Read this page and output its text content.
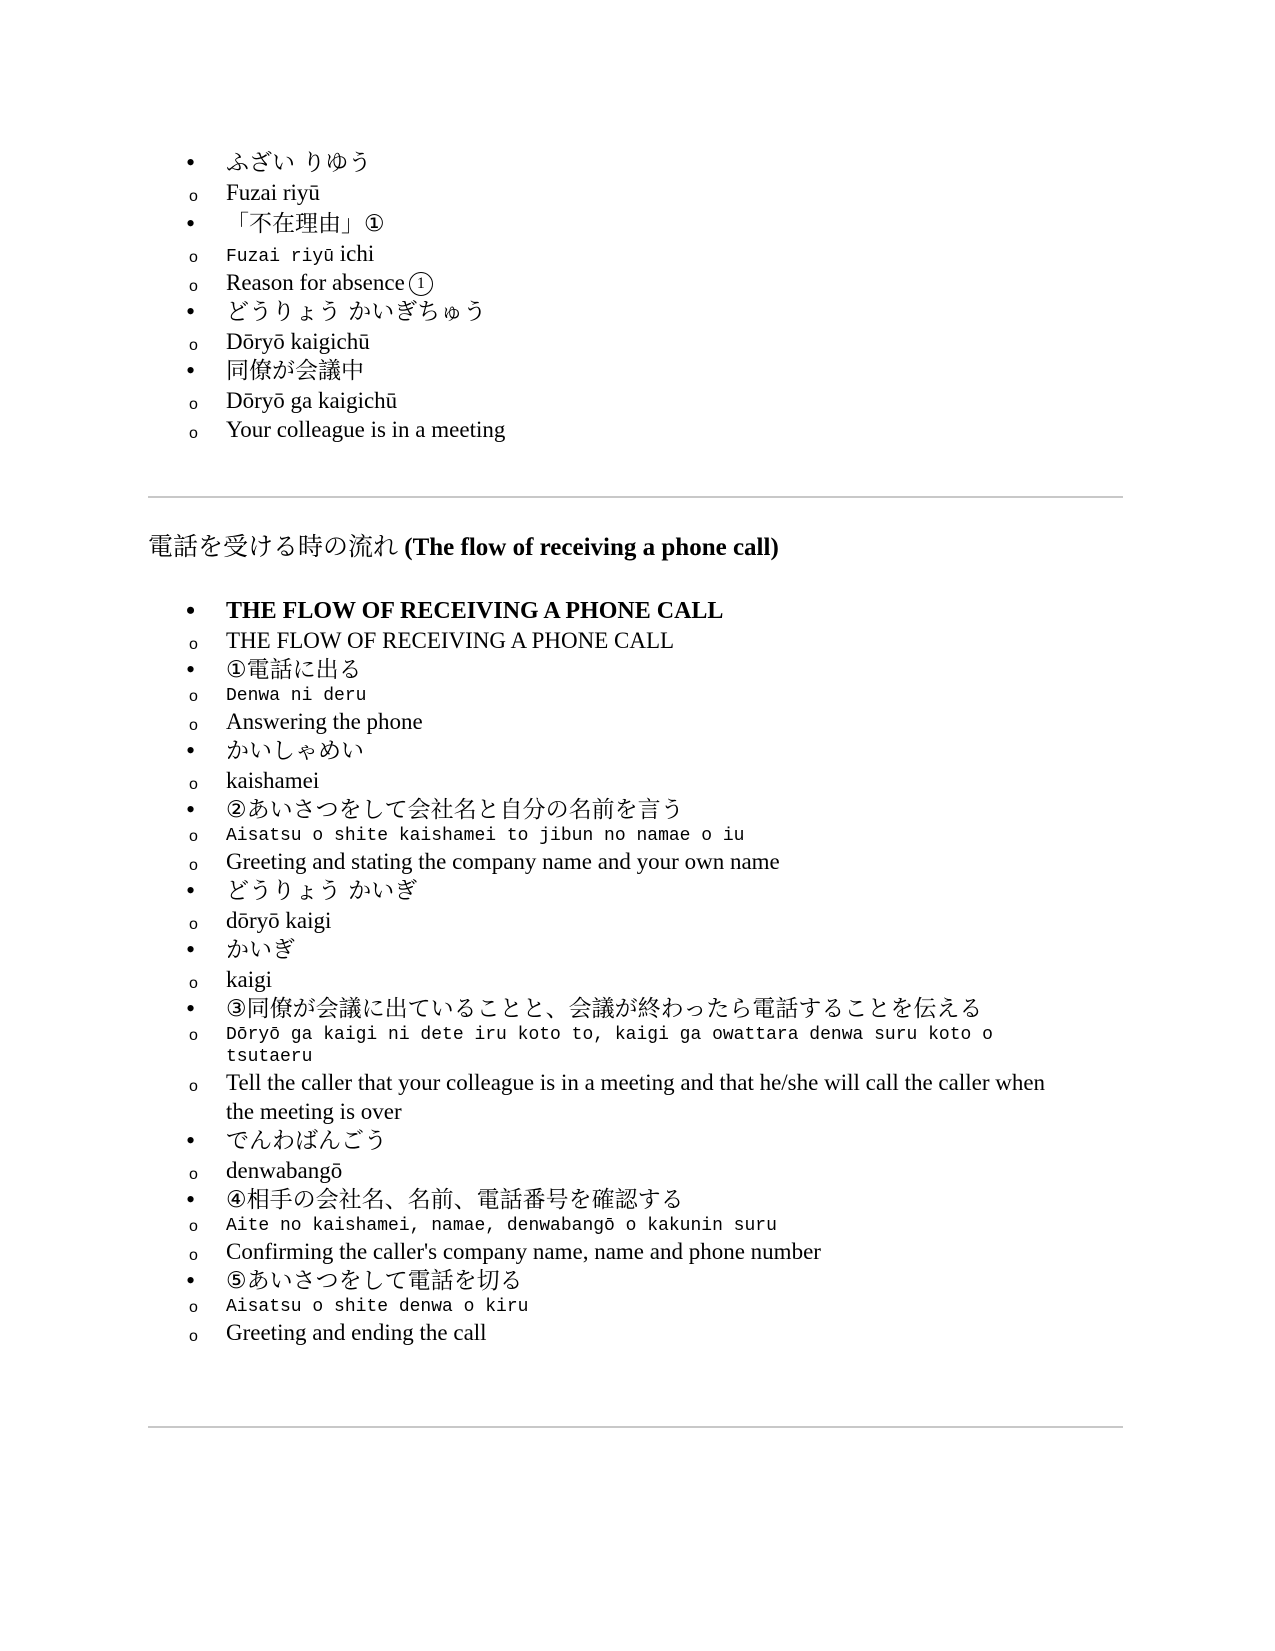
• ふざい りゆう
o Fuzai riyū
• 「不在理由」①
o Fuzai riyū ichi
o Reason for absence 1
• どうりょう かいぎちゅう
o Dōryō kaigichū
• 同僚が会議中
o Dōryō ga kaigichū
o Your colleague is in a meeting
電話を受ける時の流れ (The flow of receiving a phone call)
• THE FLOW OF RECEIVING A PHONE CALL
o THE FLOW OF RECEIVING A PHONE CALL
• ①電話に出る
o Denwa ni deru
o Answering the phone
• かいしゃめい
o kaishamei
• ②あいさつをして会社名と自分の名前を言う
o Aisatsu o shite kaishamei to jibun no namae o iu
o Greeting and stating the company name and your own name
• どうりょう かいぎ
o dōryō kaigi
• かいぎ
o kaigi
• ③同僚が会議に出ていることと、会議が終わったら電話することを伝える
o Dōryō ga kaigi ni dete iru koto to, kaigi ga owattara denwa suru koto o tsutaeru
o Tell the caller that your colleague is in a meeting and that he/she will call the caller when the meeting is over
• でんわばんごう
o denwabangō
• ④相手の会社名、名前、電話番号を確認する
o Aite no kaishamei, namae, denwabangō o kakunin suru
o Confirming the caller's company name, name and phone number
• ⑤あいさつをして電話を切る
o Aisatsu o shite denwa o kiru
o Greeting and ending the call
